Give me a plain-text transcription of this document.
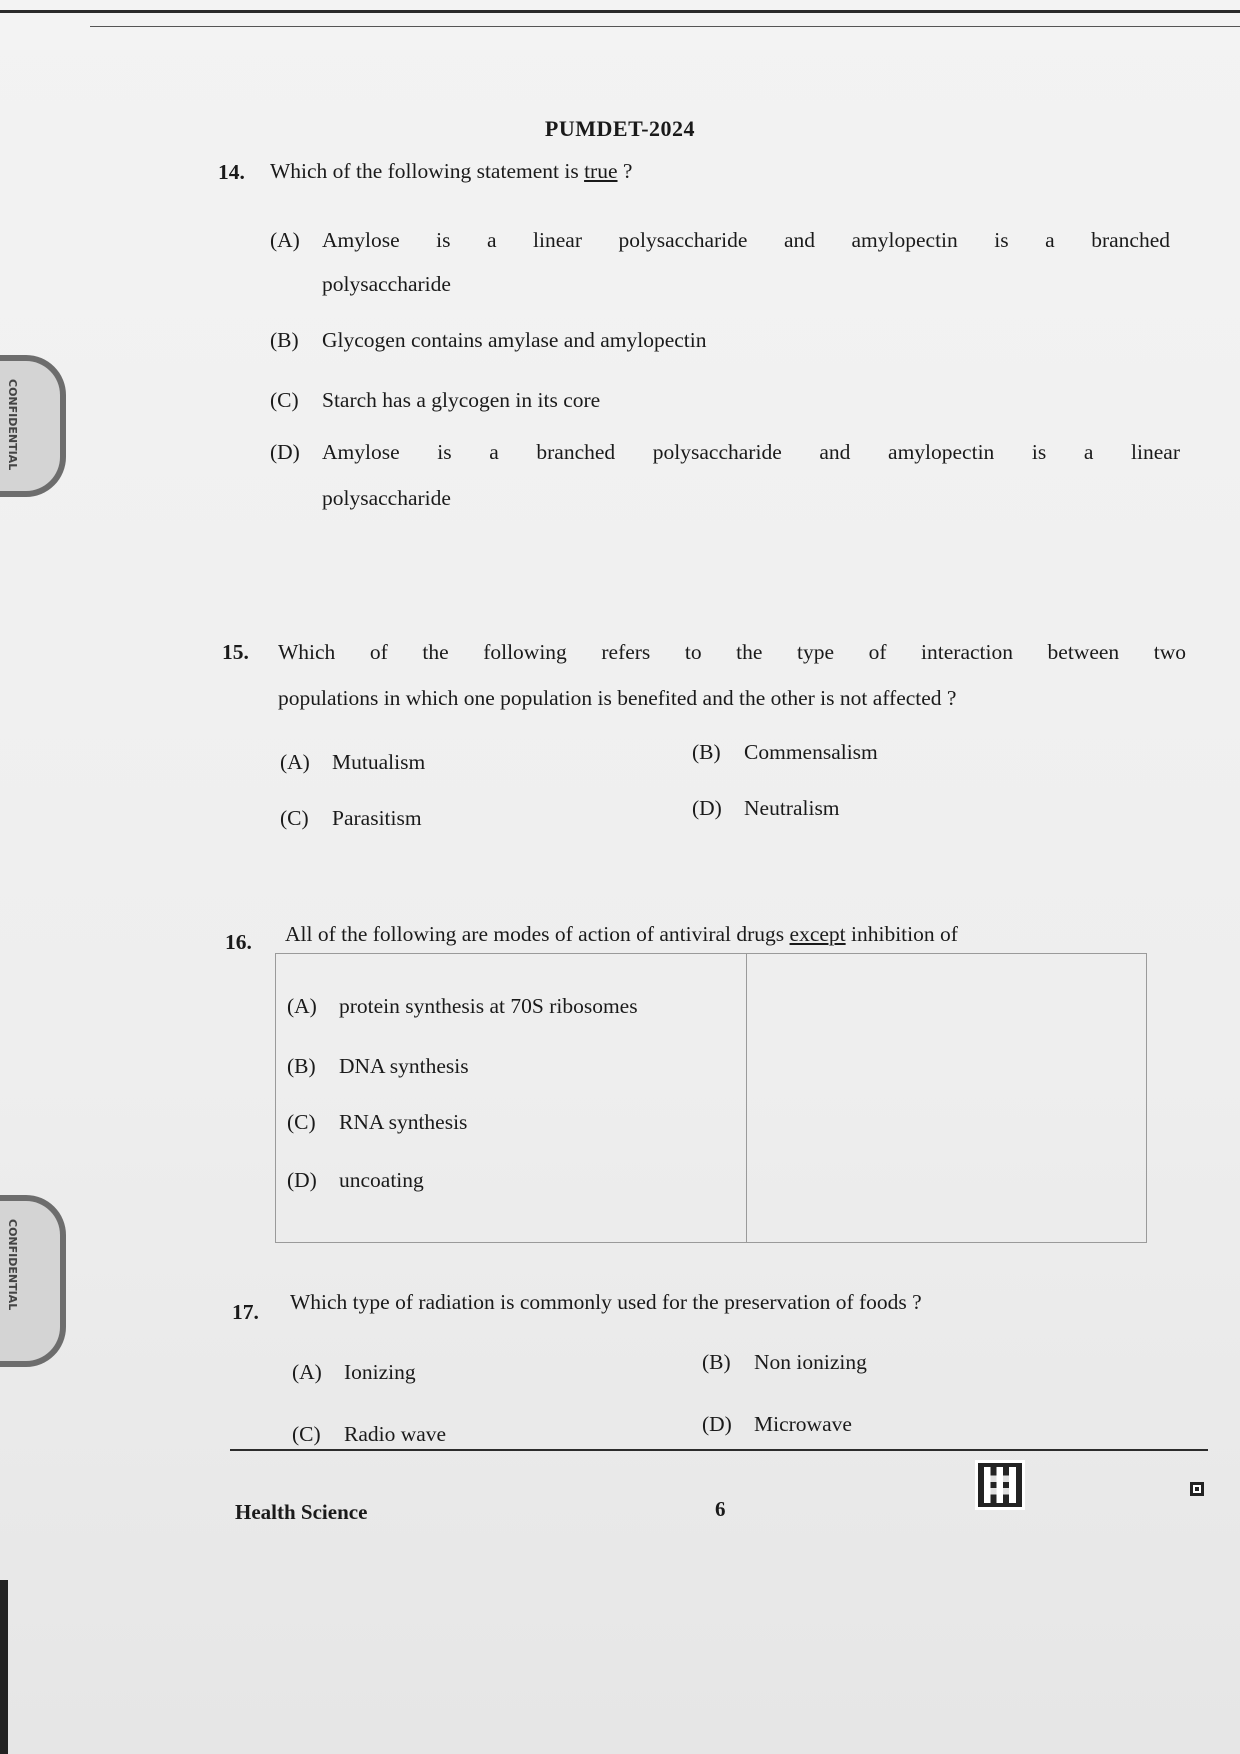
CONFIDENTIAL
CONFIDENTIAL
PUMDET-2024
14. Which of the following statement is true ?
(A)	Amylose is a linear polysaccharide and amylopectin is a branched
polysaccharide
(B)	Glycogen contains amylase and amylopectin
(C)	Starch has a glycogen in its core
(D)	Amylose is a branched polysaccharide and amylopectin is a linear
polysaccharide
15. Which of the following refers to the type of interaction between two
populations in which one population is benefited and the other is not affected ?
(A)	Mutualism	(B)	Commensalism
(C)	Parasitism	(D)	Neutralism
16. All of the following are modes of action of antiviral drugs except inhibition of
(A)	protein synthesis at 70S ribosomes
(B)	DNA synthesis
(C)	RNA synthesis
(D)	uncoating
17. Which type of radiation is commonly used for the preservation of foods ?
(A)	Ionizing	(B)	Non ionizing
(C)	Radio wave	(D)	Microwave
Health Science	6
